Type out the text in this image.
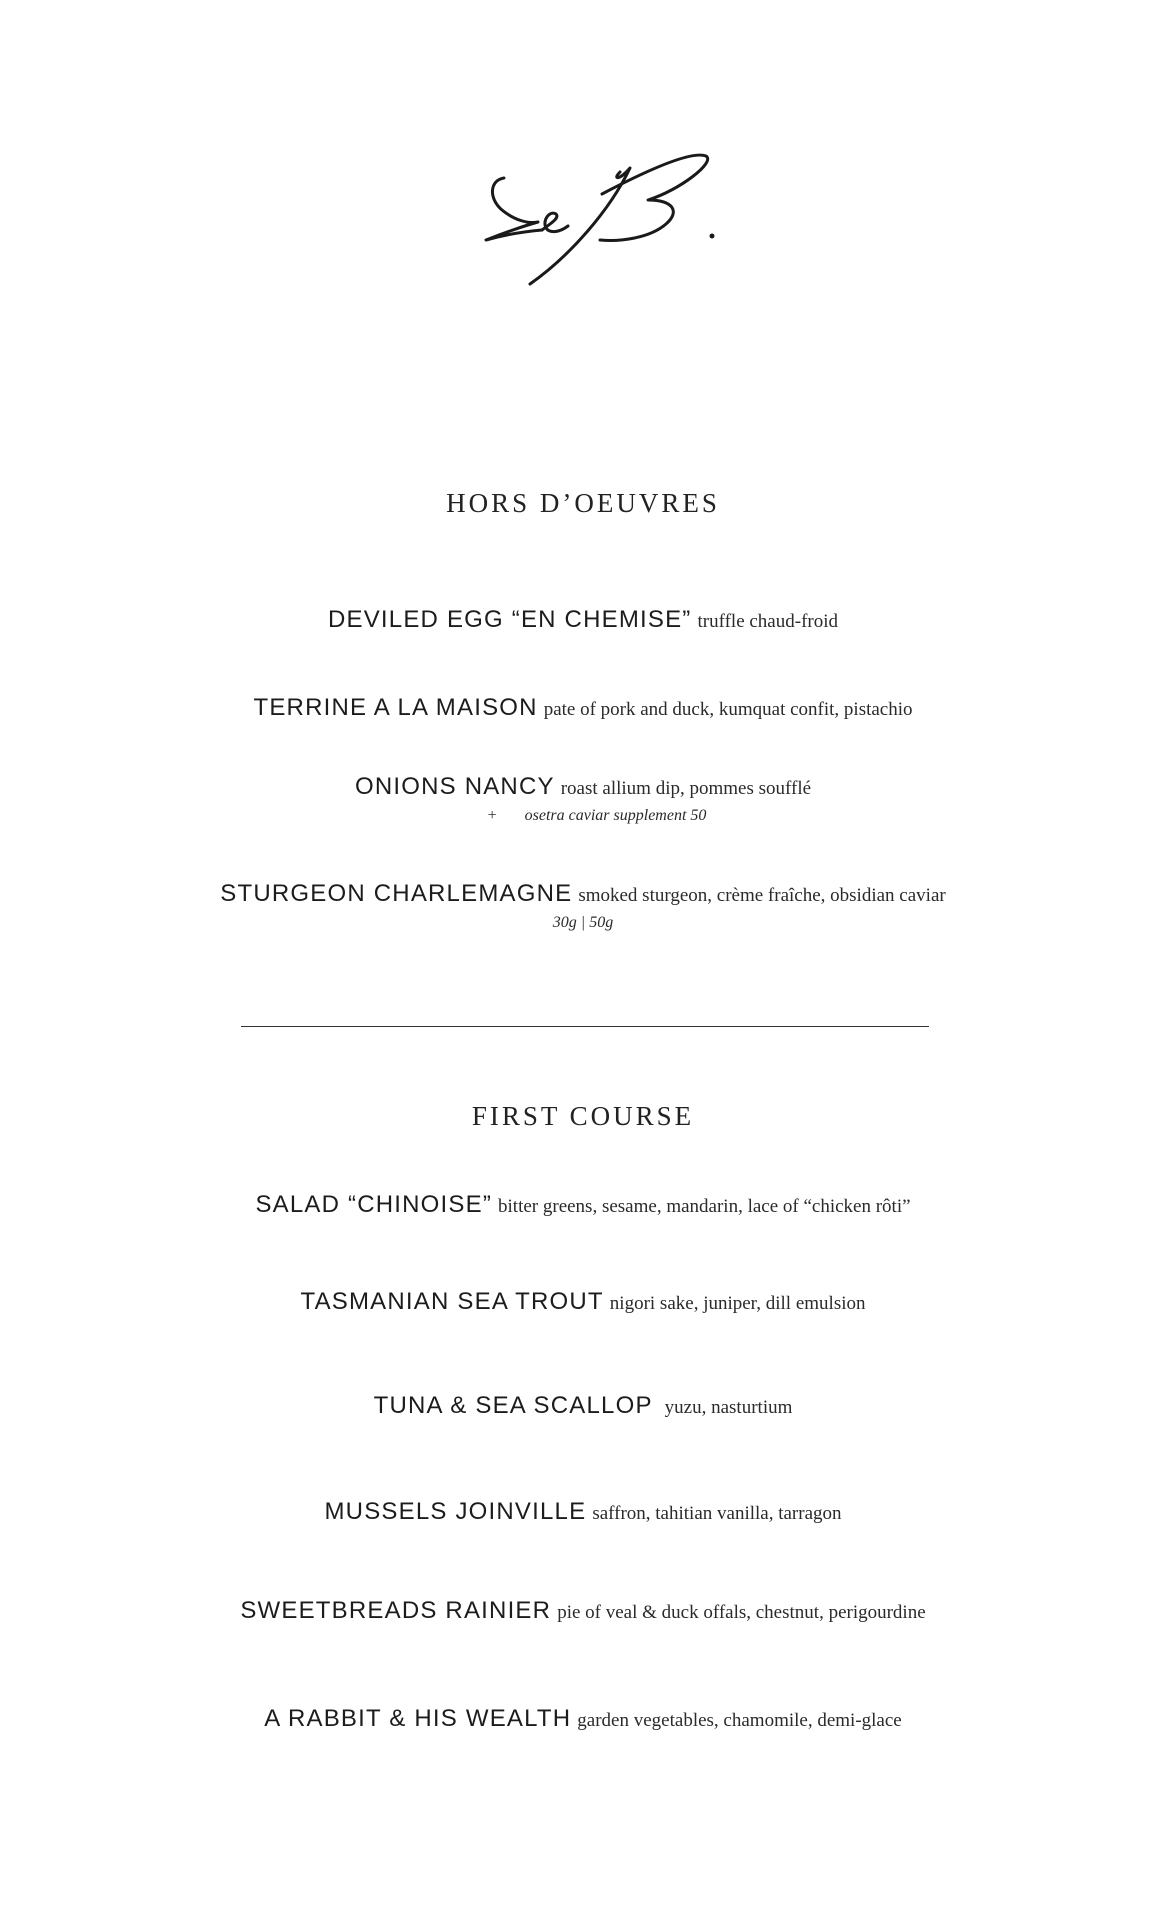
HORS D’OEUVRES
DEVILED EGG “EN CHEMISE” truffle chaud-froid
TERRINE A LA MAISON pate of pork and duck, kumquat confit, pistachio
ONIONS NANCY roast allium dip, pommes soufflé
+ osetra caviar supplement 50
STURGEON CHARLEMAGNE smoked sturgeon, crème fraîche, obsidian caviar
30g | 50g
FIRST COURSE
SALAD “CHINOISE” bitter greens, sesame, mandarin, lace of “chicken rôti”
TASMANIAN SEA TROUT nigori sake, juniper, dill emulsion
TUNA & SEA SCALLOP yuzu, nasturtium
MUSSELS JOINVILLE saffron, tahitian vanilla, tarragon
SWEETBREADS RAINIER pie of veal & duck offals, chestnut, perigourdine
A RABBIT & HIS WEALTH garden vegetables, chamomile, demi-glace
